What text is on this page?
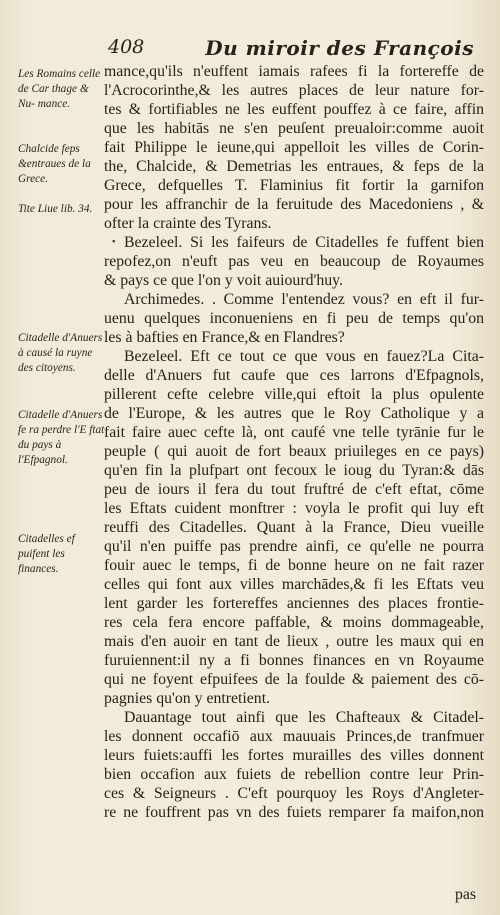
408	Du miroir des François
Les Romains celle de Car thage & Nu- mance.
Chalcide feps &entraues de la Grece.
Tite Liue lib. 34.
Citadelle d'Anuers à causé la ruyne des citoyens.
Citadelle d'Anuers fe ra perdre l'E ftat du pays à l'Efpagnol.
Citadelles ef puifent les finances.
mance,qu'ils n'euffent iamais rafees fi la fortereffe de
l'Acrocorinthe,& les autres places de leur nature for-
tes & fortifiables ne les euffent pouffez à ce faire, affin
que les habitās ne s'en peuſent preualoir:comme auoit
fait Philippe le ieune,qui appelloit les villes de Corin-
the, Chalcide, & Demetrias les entraues, & feps de la
Grece, defquelles T. Flaminius fit fortir la garnifon
pour les affranchir de la feruitude des Macedoniens , &
ofter la crainte des Tyrans.
• Bezeleel. Si les faifeurs de Citadelles fe fuffent bien
repofez,on n'euft pas veu en beaucoup de Royaumes
& pays ce que l'on y voit auiourd'huy.
Archimedes. . Comme l'entendez vous? en eft il fur-
uenu quelques inconueniens en fi peu de temps qu'on
les à bafties en France,& en Flandres?
Bezeleel. Eft ce tout ce que vous en fauez?La Cita-
delle d'Anuers fut caufe que ces larrons d'Efpagnols,
pillerent cefte celebre ville,qui eftoit la plus opulente
de l'Europe, & les autres que le Roy Catholique y a
fait faire auec cefte là, ont caufé vne telle tyrānie fur le
peuple ( qui auoit de fort beaux priuileges en ce pays)
qu'en fin la plufpart ont fecoux le ioug du Tyran:& dās
peu de iours il fera du tout fruftré de c'eft eftat, cōme
les Eftats cuident monftrer : voyla le profit qui luy eft
reuffi des Citadelles. Quant à la France, Dieu vueille
qu'il n'en puiffe pas prendre ainfi, ce qu'elle ne pourra
fouir auec le temps, fi de bonne heure on ne fait razer
celles qui font aux villes marchādes,& fi les Eftats veu
lent garder les fortereffes anciennes des places frontie-
res cela fera encore paffable, & moins dommageable,
mais d'en auoir en tant de lieux , outre les maux qui en
furuiennent:il ny a fi bonnes finances en vn Royaume
qui ne foyent efpuifees de la foulde & paiement des cō-
pagnies qu'on y entretient.
Dauantage tout ainfi que les Chafteaux & Citadel-
les donnent occafiō aux mauuais Princes,de tranfmuer
leurs fuiets:auffi les fortes murailles des villes donnent
bien occafion aux fuiets de rebellion contre leur Prin-
ces & Seigneurs . C'eft pourquoy les Roys d'Angleter-
re ne fouffrent pas vn des fuiets remparer fa maifon,non
pas
